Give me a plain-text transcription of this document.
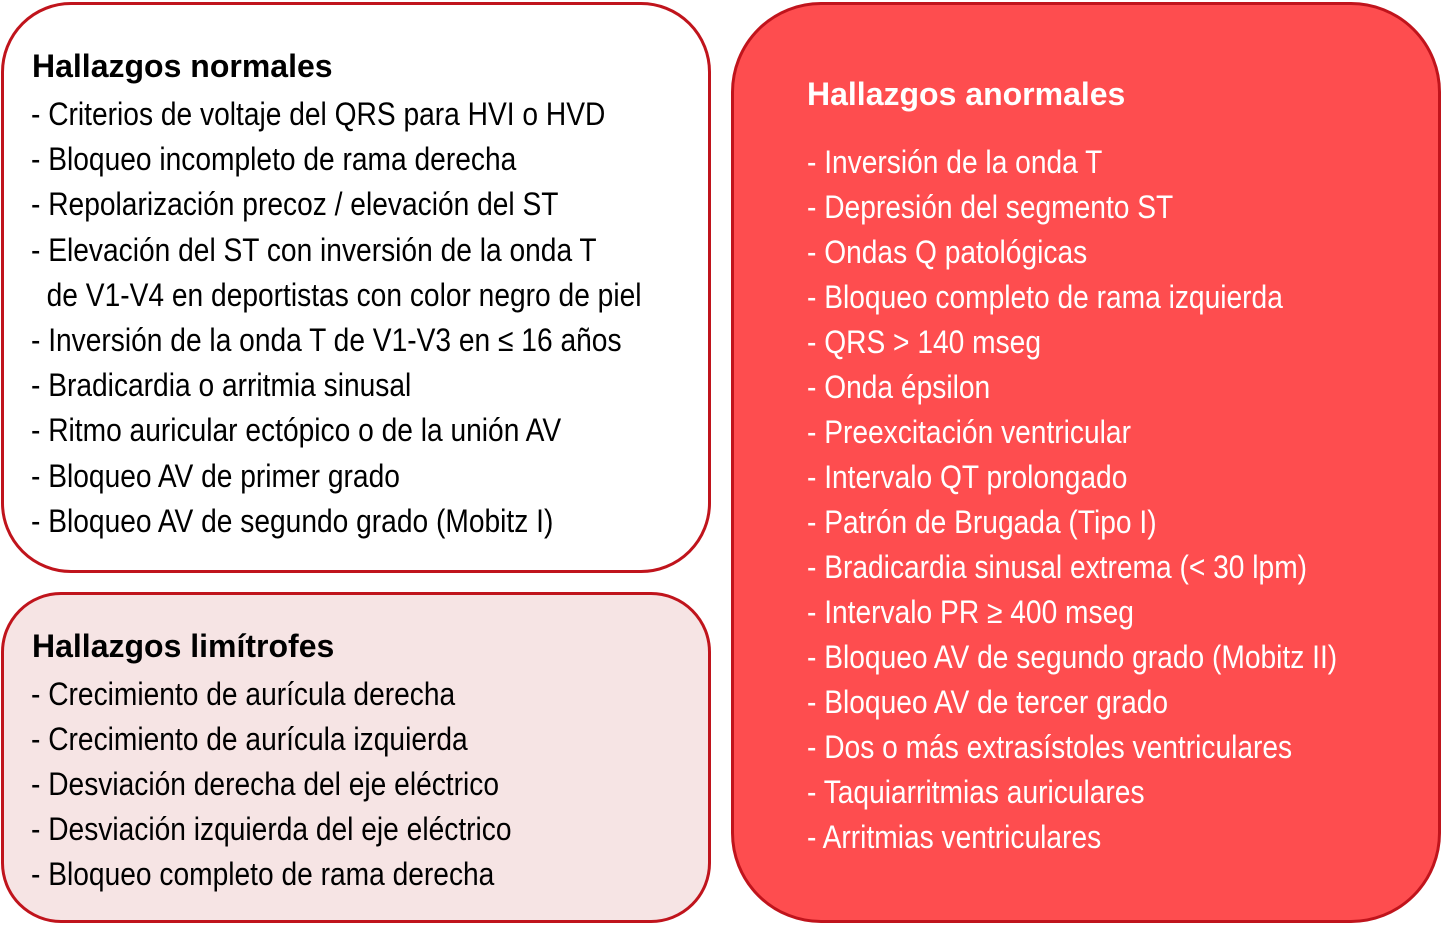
Hallazgos normales
- Criterios de voltaje del QRS para HVI o HVD
- Bloqueo incompleto de rama derecha
- Repolarización precoz / elevación del ST
- Elevación del ST con inversión de la onda T
de V1-V4 en deportistas con color negro de piel
- Inversión de la onda T de V1-V3 en ≤ 16 años
- Bradicardia o arritmia sinusal
- Ritmo auricular ectópico o de la unión AV
- Bloqueo AV de primer grado
- Bloqueo AV de segundo grado (Mobitz I)
Hallazgos limítrofes
- Crecimiento de aurícula derecha
- Crecimiento de aurícula izquierda
- Desviación derecha del eje eléctrico
- Desviación izquierda del eje eléctrico
- Bloqueo completo de rama derecha
Hallazgos anormales
- Inversión de la onda T
- Depresión del segmento ST
- Ondas Q patológicas
- Bloqueo completo de rama izquierda
- QRS > 140 mseg
- Onda épsilon
- Preexcitación ventricular
- Intervalo QT prolongado
- Patrón de Brugada (Tipo I)
- Bradicardia sinusal extrema (< 30 lpm)
- Intervalo PR ≥ 400 mseg
- Bloqueo AV de segundo grado (Mobitz II)
- Bloqueo AV de tercer grado
- Dos o más extrasístoles ventriculares
- Taquiarritmias auriculares
- Arritmias ventriculares
